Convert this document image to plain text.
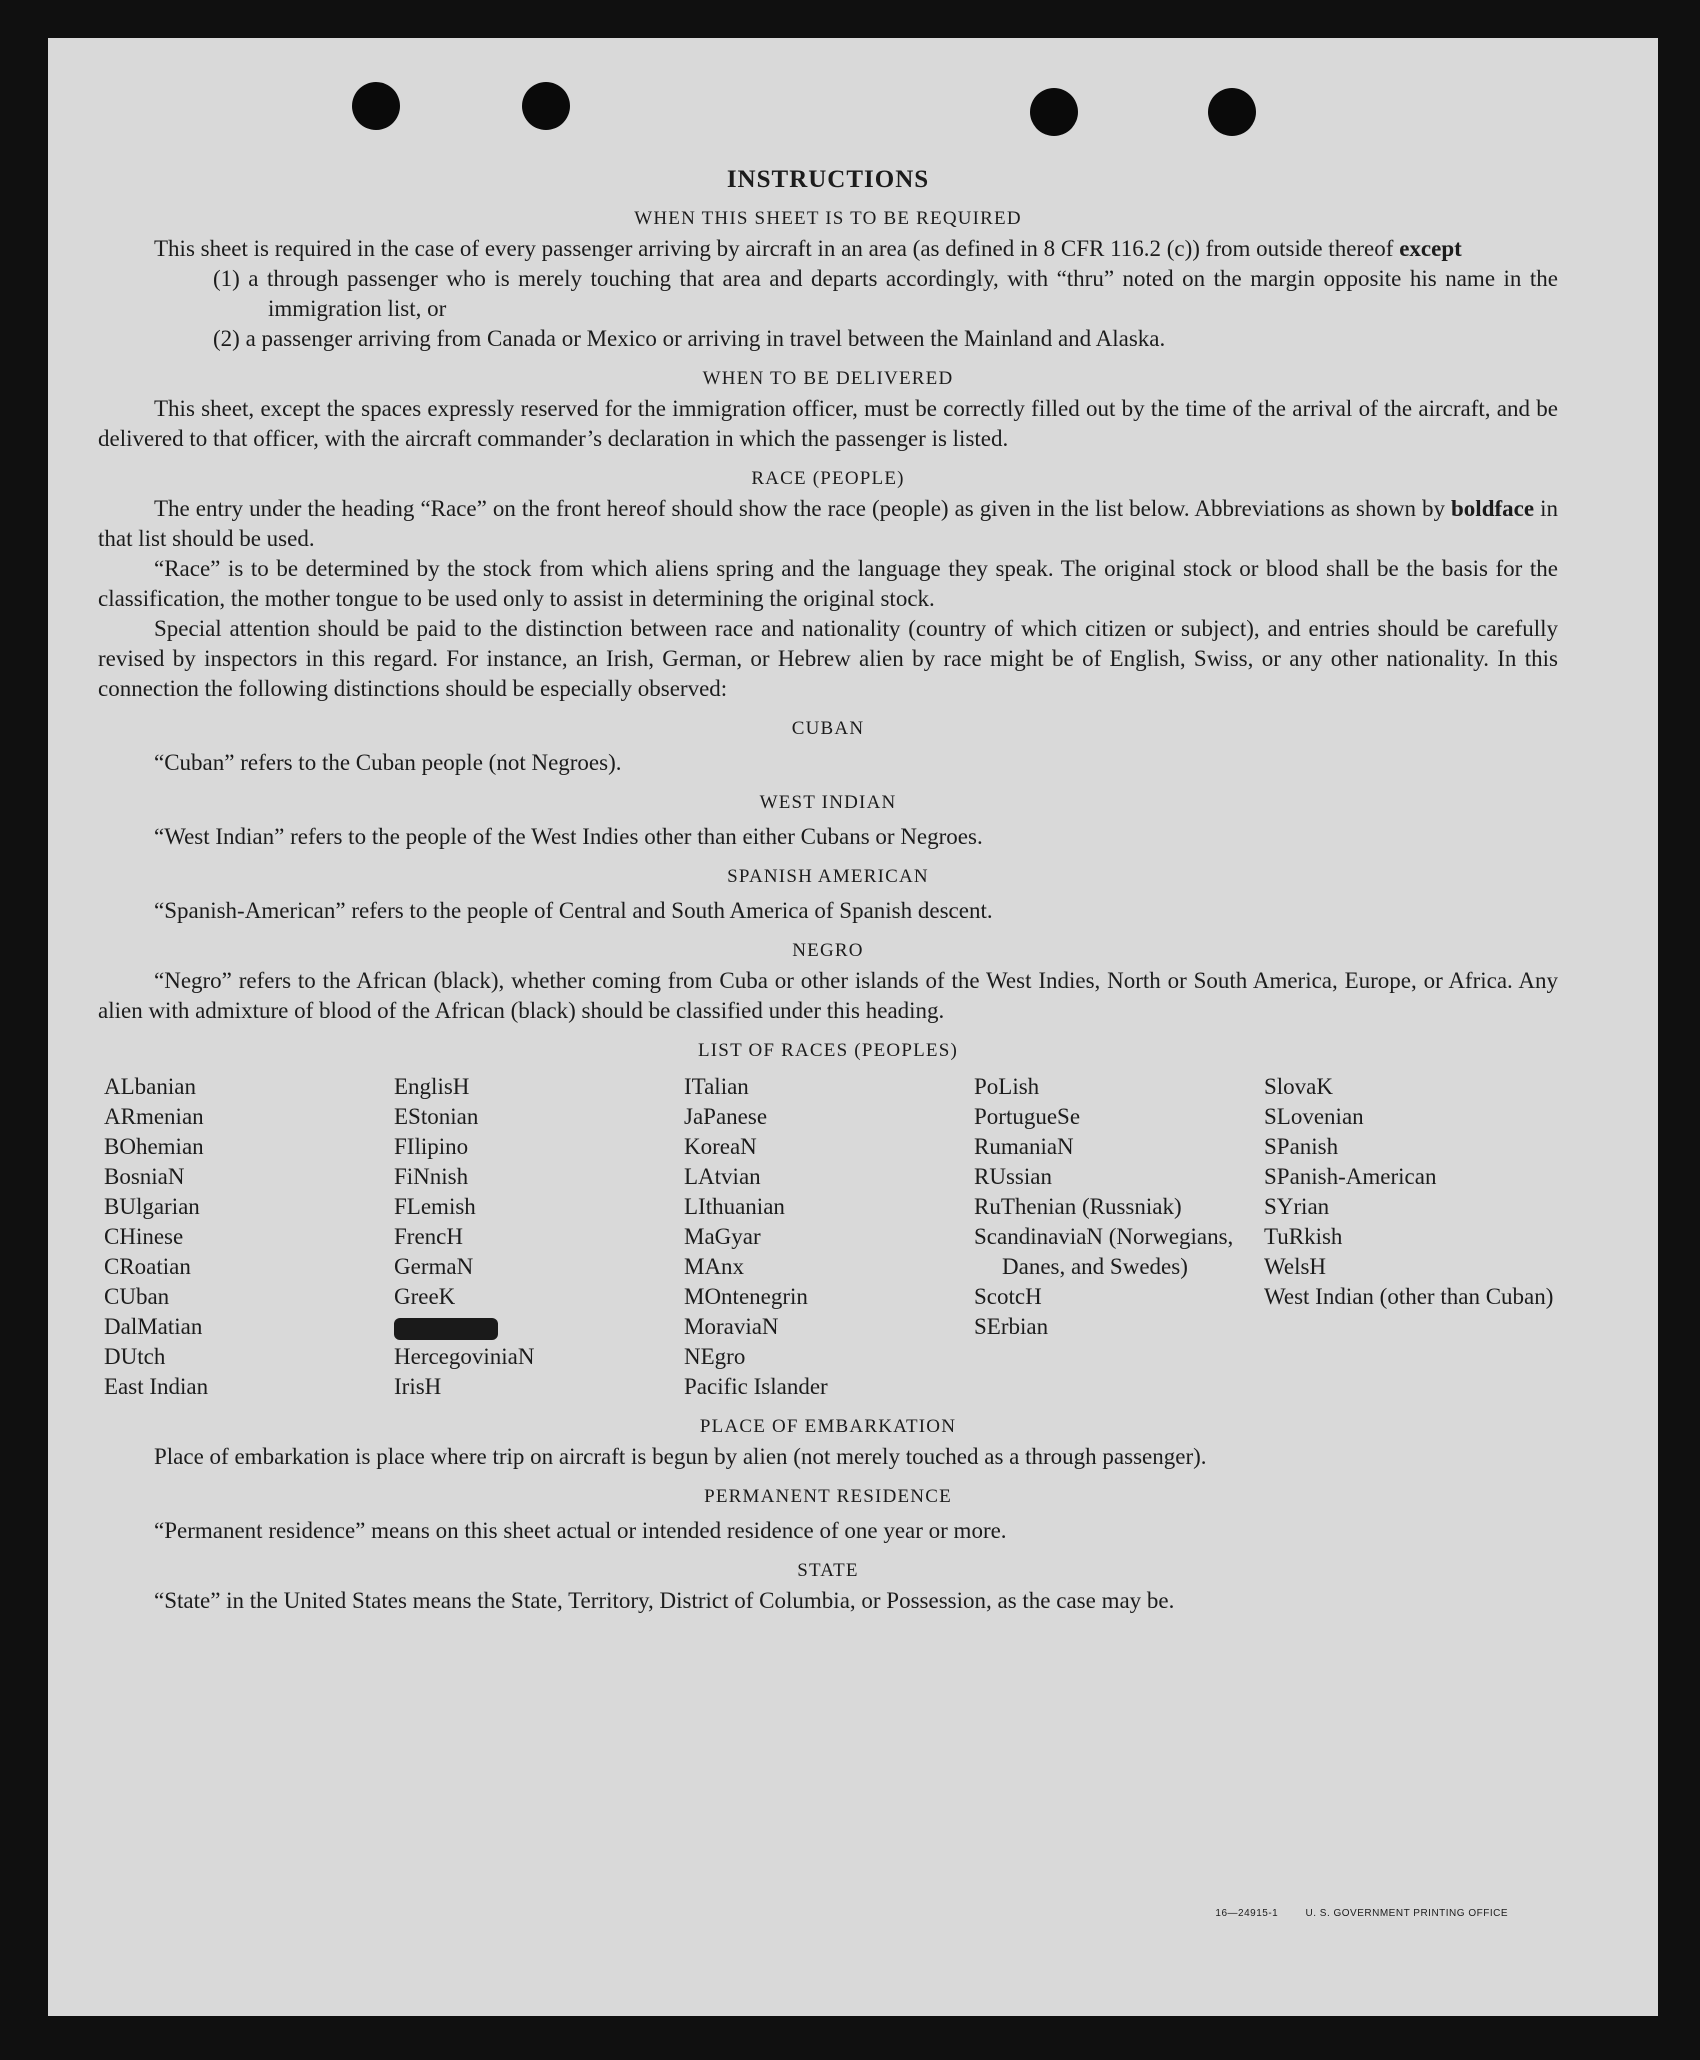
INSTRUCTIONS
WHEN THIS SHEET IS TO BE REQUIRED

This sheet is required in the case of every passenger arriving by aircraft in an area (as defined in 8 CFR 116.2 (c)) from outside thereof except

(1) a through passenger who is merely touching that area and departs accordingly, with “thru” noted on the margin opposite his name in the immigration list, or

(2) a passenger arriving from Canada or Mexico or arriving in travel between the Mainland and Alaska.

WHEN TO BE DELIVERED

This sheet, except the spaces expressly reserved for the immigration officer, must be correctly filled out by the time of the arrival of the aircraft, and be delivered to that officer, with the aircraft commander’s declaration in which the passenger is listed.

RACE (PEOPLE)

The entry under the heading “Race” on the front hereof should show the race (people) as given in the list below. Abbreviations as shown by boldface in that list should be used.

“Race” is to be determined by the stock from which aliens spring and the language they speak. The original stock or blood shall be the basis for the classification, the mother tongue to be used only to assist in determining the original stock.

Special attention should be paid to the distinction between race and nationality (country of which citizen or subject), and entries should be carefully revised by inspectors in this regard. For instance, an Irish, German, or Hebrew alien by race might be of English, Swiss, or any other nationality. In this connection the following distinctions should be especially observed:

CUBAN

“Cuban” refers to the Cuban people (not Negroes).

WEST INDIAN

“West Indian” refers to the people of the West Indies other than either Cubans or Negroes.

SPANISH AMERICAN

“Spanish-American” refers to the people of Central and South America of Spanish descent.

NEGRO

“Negro” refers to the African (black), whether coming from Cuba or other islands of the West Indies, North or South America, Europe, or Africa. Any alien with admixture of blood of the African (black) should be classified under this heading.

LIST OF RACES (PEOPLES)
ALbanian
ARmenian
BOhemian
BosniaN
BUlgarian
CHinese
CRoatian
CUban
DalMatian
DUtch
East Indian
EnglisH
EStonian
FIlipino
FiNnish
FLemish
FrencH
GermaN
GreeK
HercegoviniaN
IrisH
ITalian
JaPanese
KoreaN
LAtvian
LIthuanian
MaGyar
MAnx
MOntenegrin
MoraviaN
NEgro
Pacific Islander
PoLish
PortugueSe
RumaniaN
RUssian
RuThenian (Russniak)
ScandinaviaN (Norwegians, Danes, and Swedes)
ScotcH
SErbian
SlovaK
SLovenian
SPanish
SPanish-American
SYrian
TuRkish
WelsH
West Indian (other than Cuban)
PLACE OF EMBARKATION

Place of embarkation is place where trip on aircraft is begun by alien (not merely touched as a through passenger).

PERMANENT RESIDENCE

“Permanent residence” means on this sheet actual or intended residence of one year or more.

STATE

“State” in the United States means the State, Territory, District of Columbia, or Possession, as the case may be.

16—24915-1	U. S. GOVERNMENT PRINTING OFFICE
